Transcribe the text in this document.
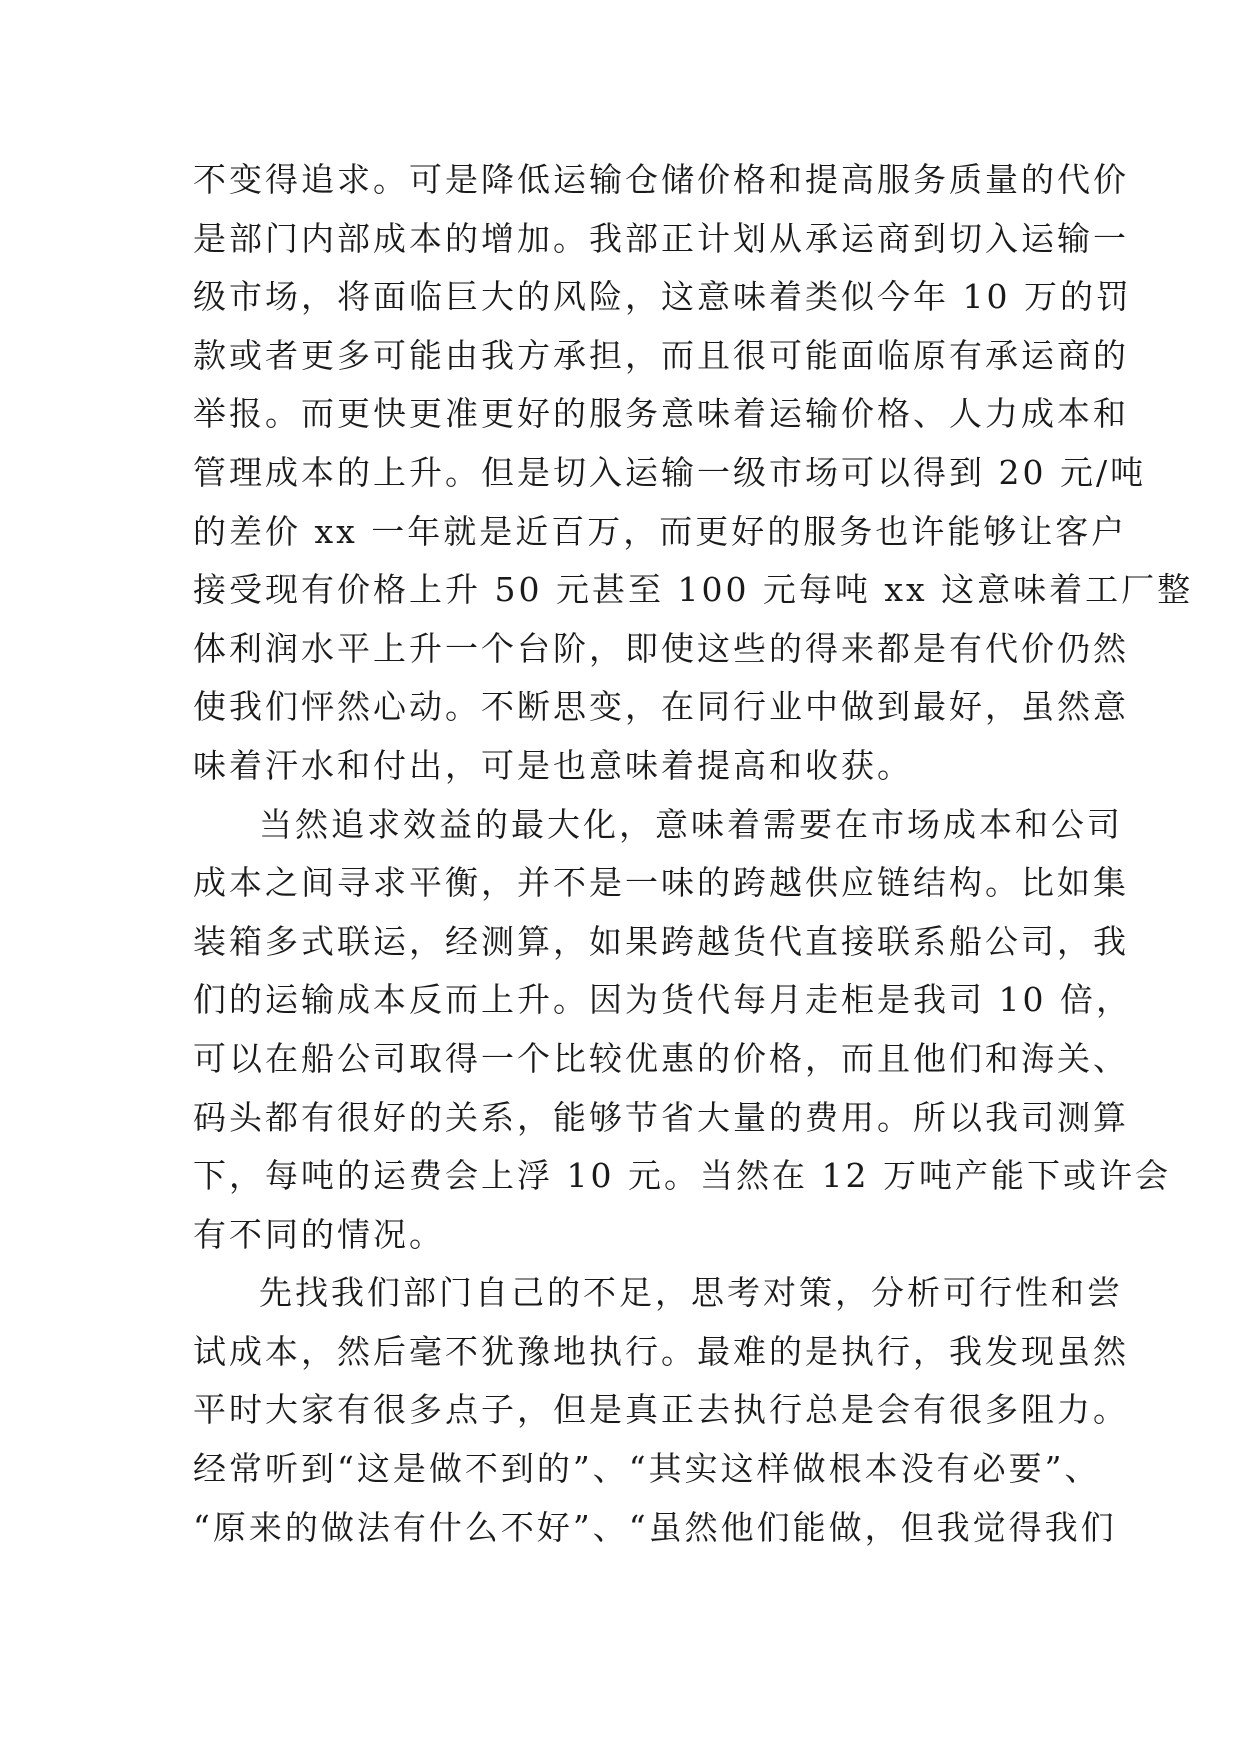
不变得追求。可是降低运输仓储价格和提高服务质量的代价
是部门内部成本的增加。我部正计划从承运商到切入运输一
级市场，将面临巨大的风险，这意味着类似今年 10 万的罚
款或者更多可能由我方承担，而且很可能面临原有承运商的
举报。而更快更准更好的服务意味着运输价格、人力成本和
管理成本的上升。但是切入运输一级市场可以得到 20 元/吨
的差价 xx 一年就是近百万，而更好的服务也许能够让客户
接受现有价格上升 50 元甚至 100 元每吨 xx 这意味着工厂整
体利润水平上升一个台阶，即使这些的得来都是有代价仍然
使我们怦然心动。不断思变，在同行业中做到最好，虽然意
味着汗水和付出，可是也意味着提高和收获。
当然追求效益的最大化，意味着需要在市场成本和公司
成本之间寻求平衡，并不是一味的跨越供应链结构。比如集
装箱多式联运，经测算，如果跨越货代直接联系船公司，我
们的运输成本反而上升。因为货代每月走柜是我司 10 倍，
可以在船公司取得一个比较优惠的价格，而且他们和海关、
码头都有很好的关系，能够节省大量的费用。所以我司测算
下，每吨的运费会上浮 10 元。当然在 12 万吨产能下或许会
有不同的情况。
先找我们部门自己的不足，思考对策，分析可行性和尝
试成本，然后毫不犹豫地执行。最难的是执行，我发现虽然
平时大家有很多点子，但是真正去执行总是会有很多阻力。
经常听到“这是做不到的”、“其实这样做根本没有必要”、
“原来的做法有什么不好”、“虽然他们能做，但我觉得我们
